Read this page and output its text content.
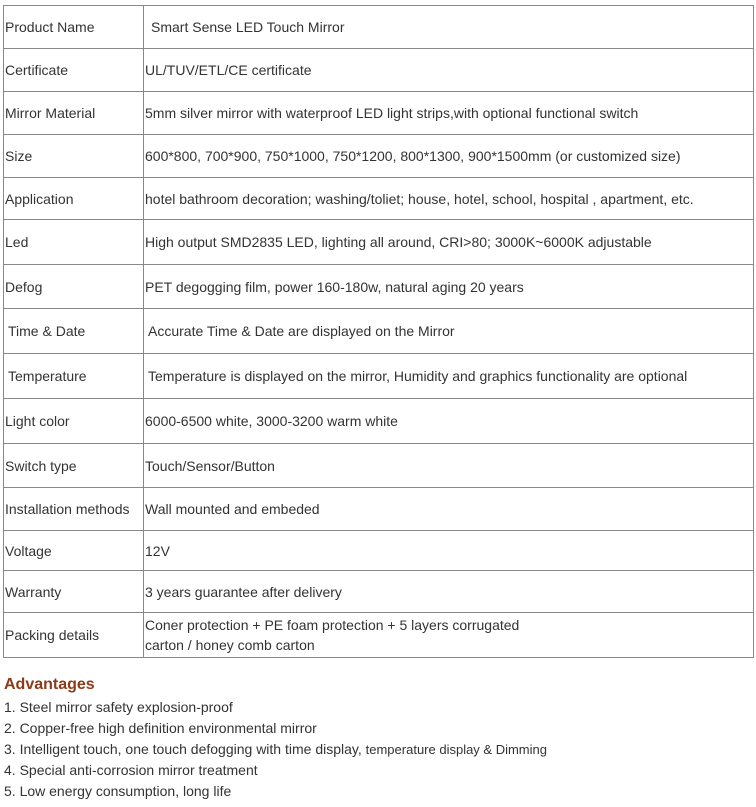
Product Name	Smart Sense LED Touch Mirror
Certificate	UL/TUV/ETL/CE certificate
Mirror Material	5mm silver mirror with waterproof LED light strips,with optional functional switch
Size	600*800, 700*900, 750*1000, 750*1200, 800*1300, 900*1500mm (or customized size)
Application	hotel bathroom decoration; washing/toliet; house, hotel, school, hospital , apartment, etc.
Led	High output SMD2835 LED, lighting all around, CRI>80; 3000K~6000K adjustable
Defog	PET degogging film, power 160-180w, natural aging 20 years
Time & Date	Accurate Time & Date are displayed on the Mirror
Temperature	Temperature is displayed on the mirror, Humidity and graphics functionality are optional
Light color	6000-6500 white, 3000-3200 warm white
Switch type	Touch/Sensor/Button
Installation methods	Wall mounted and embeded
Voltage	12V
Warranty	3 years guarantee after delivery
Packing details	Coner protection + PE foam protection + 5 layers corrugated
carton / honey comb carton
Advantages
1. Steel mirror safety explosion-proof
2. Copper-free high definition environmental mirror
3. Intelligent touch, one touch defogging with time display, temperature display & Dimming
4. Special anti-corrosion mirror treatment
5. Low energy consumption, long life
